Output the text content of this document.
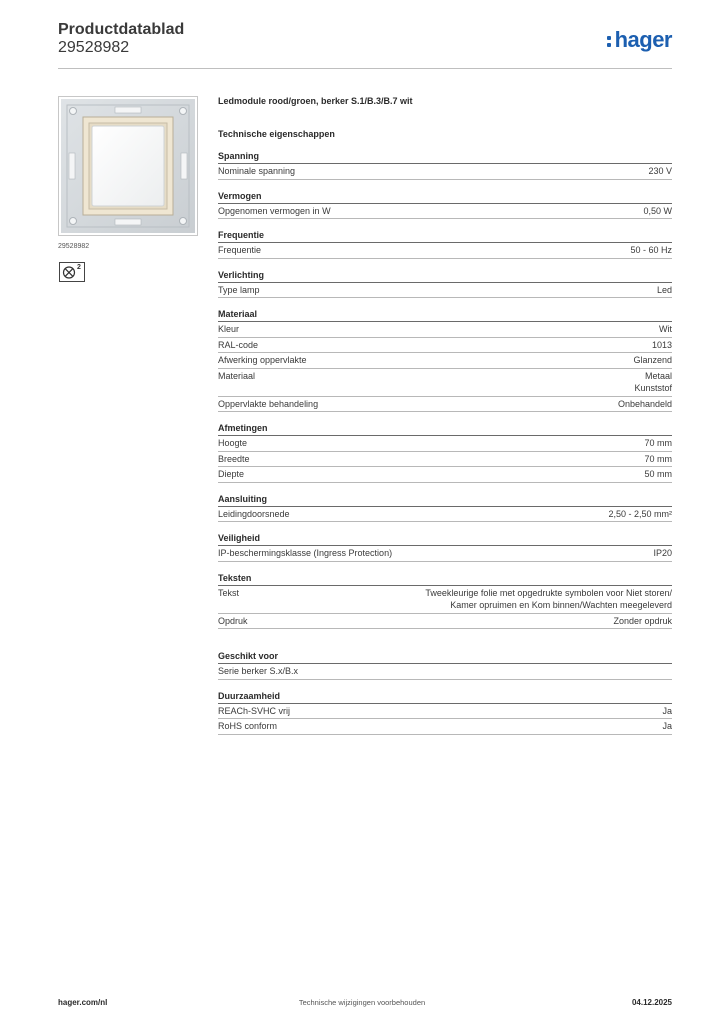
Productdatablad
29528982	hager
29528982
2
Ledmodule rood/groen, berker S.1/B.3/B.7 wit
Technische eigenschappen
Spanning
Nominale spanning	230 V
Vermogen
Opgenomen vermogen in W	0,50 W
Frequentie
Frequentie	50 - 60 Hz
Verlichting
Type lamp	Led
Materiaal
Kleur	Wit
RAL-code	1013
Afwerking oppervlakte	Glanzend
Materiaal	Metaal
Kunststof
Oppervlakte behandeling	Onbehandeld
Afmetingen
Hoogte	70 mm
Breedte	70 mm
Diepte	50 mm
Aansluiting
Leidingdoorsnede	2,50 - 2,50 mm²
Veiligheid
IP-beschermingsklasse (Ingress Protection)	IP20
Teksten
Tekst	Tweekleurige folie met opgedrukte symbolen voor Niet storen/
Kamer opruimen en Kom binnen/Wachten meegeleverd
Opdruk	Zonder opdruk
Geschikt voor
Serie berker S.x/B.x
Duurzaamheid
REACh-SVHC vrij	Ja
RoHS conform	Ja
hager.com/nl	Technische wijzigingen voorbehouden	04.12.2025
